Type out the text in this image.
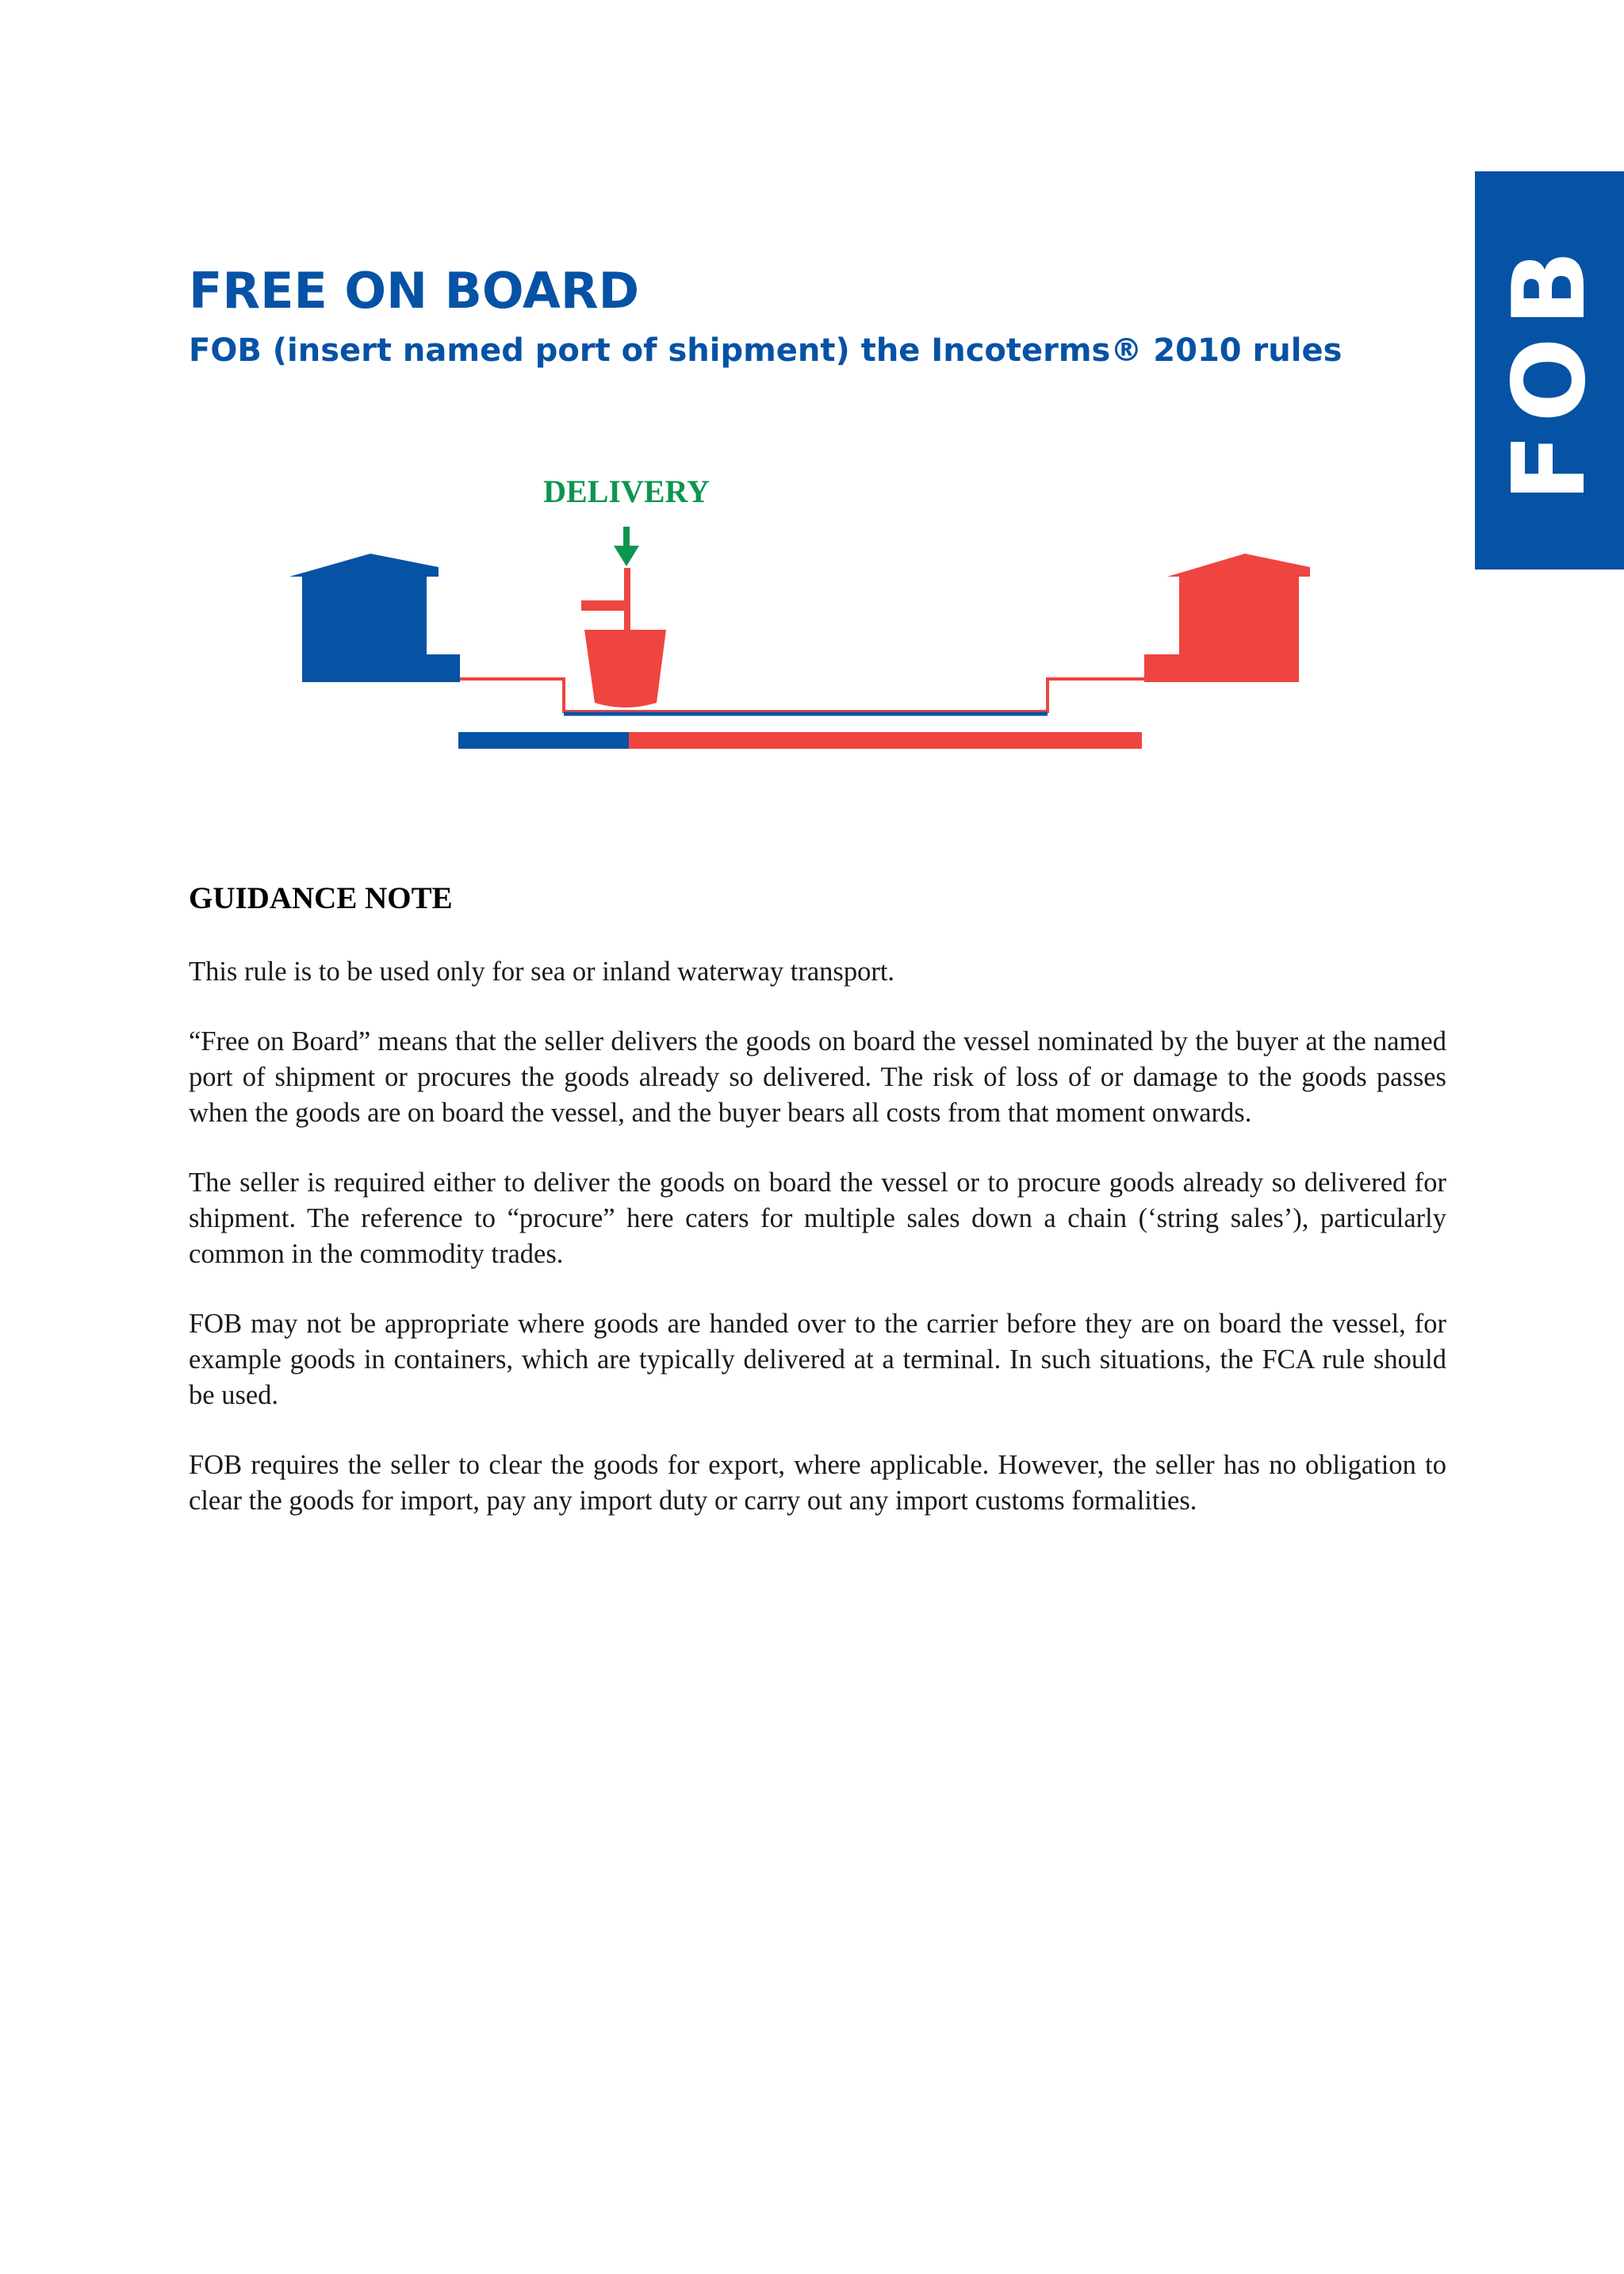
FOB
FREE ON BOARD
FOB (insert named port of shipment) the Incoterms® 2010 rules
DELIVERY
GUIDANCE NOTE

This rule is to be used only for sea or inland waterway transport.

“Free on Board” means that the seller delivers the goods on board the vessel nominated by the buyer at the named port of shipment or procures the goods already so delivered. The risk of loss of or damage to the goods passes when the goods are on board the vessel, and the buyer bears all costs from that moment onwards.

The seller is required either to deliver the goods on board the vessel or to procure goods already so delivered for shipment. The reference to “procure” here caters for multiple sales down a chain (‘string sales’), particularly common in the commodity trades.

FOB may not be appropriate where goods are handed over to the carrier before they are on board the vessel, for example goods in containers, which are typically delivered at a terminal. In such situations, the FCA rule should be used.

FOB requires the seller to clear the goods for export, where applicable. However, the seller has no obligation to clear the goods for import, pay any import duty or carry out any import customs formalities.
